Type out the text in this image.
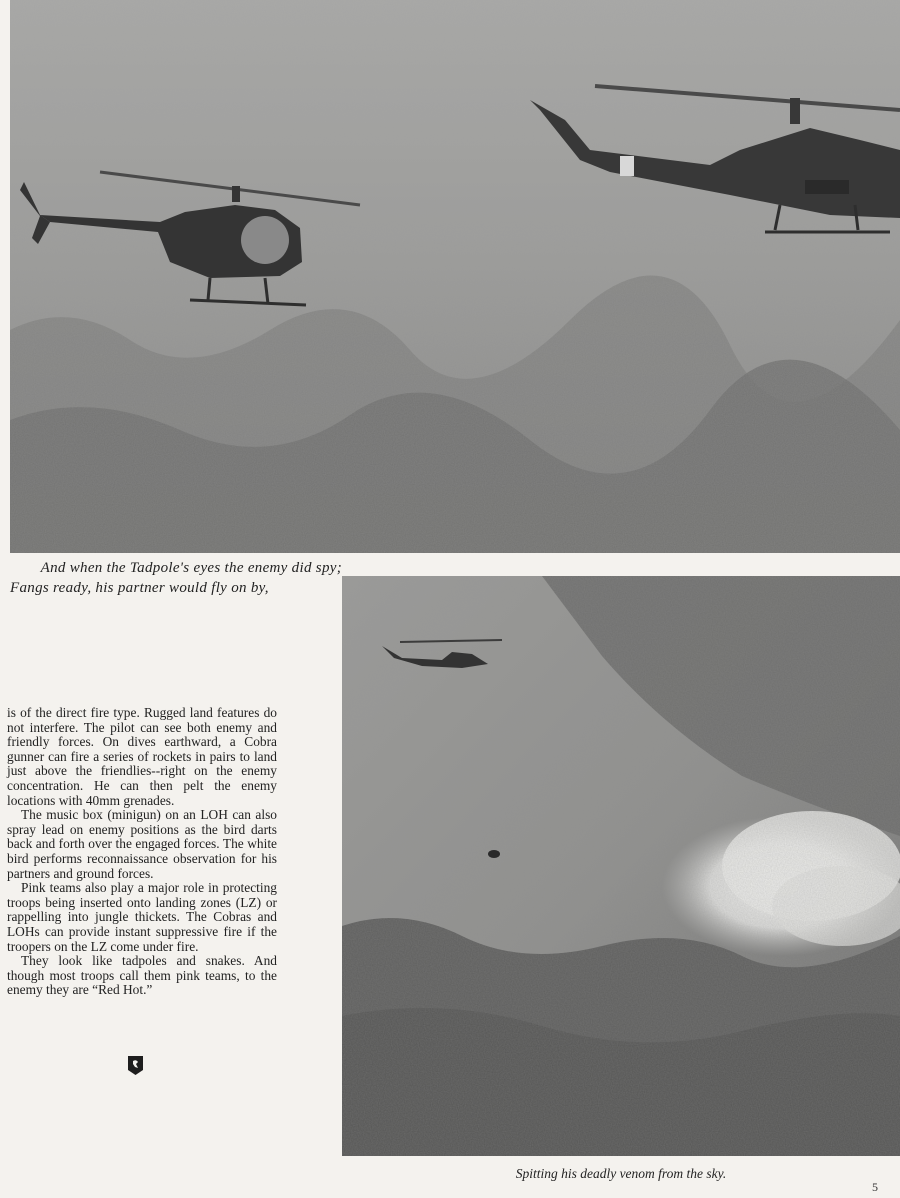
And when the Tadpole's eyes the enemy did spy;
Fangs ready, his partner would fly on by,

is of the direct fire type. Rugged land features do not interfere. The pilot can see both enemy and friendly forces. On dives earthward, a Cobra gunner can fire a series of rockets in pairs to land just above the friendlies--right on the enemy concentration. He can then pelt the enemy locations with 40mm grenades.

The music box (minigun) on an LOH can also spray lead on enemy positions as the bird darts back and forth over the engaged forces. The white bird performs reconnaissance observation for his partners and ground forces.

Pink teams also play a major role in protecting troops being inserted onto landing zones (LZ) or rappelling into jungle thickets. The Cobras and LOHs can provide instant suppressive fire if the troopers on the LZ come under fire.

They look like tadpoles and snakes. And though most troops call them pink teams, to the enemy they are “Red Hot.”

Spitting his deadly venom from the sky.
5
